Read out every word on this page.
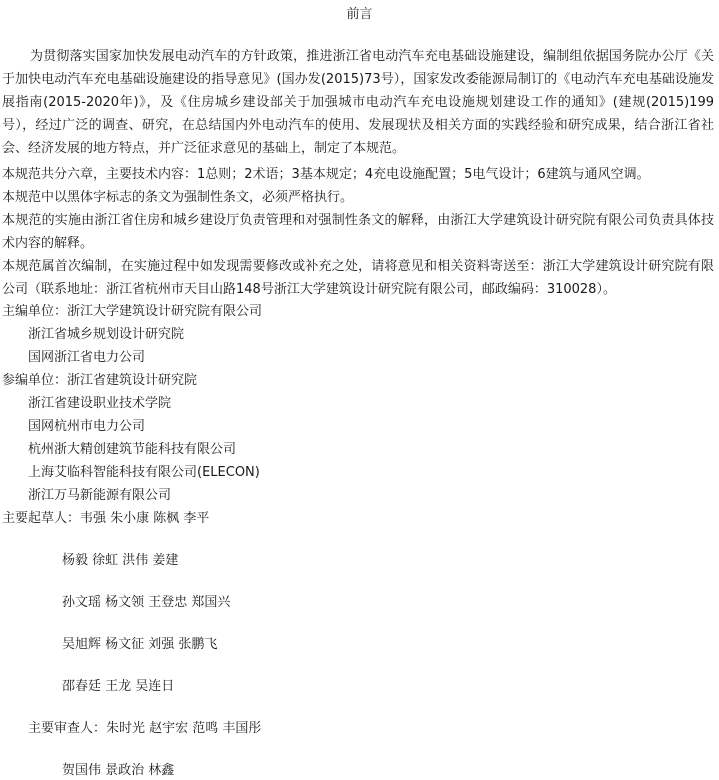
前言

为贯彻落实国家加快发展电动汽车的方针政策，推进浙江省电动汽车充电基础设施建设，编制组依据国务院办公厅《关于加快电动汽车充电基础设施建设的指导意见》(国办发(2015)73号），国家发改委能源局制订的《电动汽车充电基础设施发展指南(2015-2020年)》，及《住房城乡建设部关于加强城市电动汽车充电设施规划建设工作的通知》(建规(2015)199号），经过广泛的调查、研究，在总结国内外电动汽车的使用、发展现状及相关方面的实践经验和研究成果，结合浙江省社会、经济发展的地方特点，并广泛征求意见的基础上，制定了本规范。

本规范共分六章，主要技术内容：1总则；2术语；3基本规定；4充电设施配置；5电气设计；6建筑与通风空调。

本规范中以黑体字标志的条文为强制性条文，必须严格执行。

本规范的实施由浙江省住房和城乡建设厅负责管理和对强制性条文的解释，由浙江大学建筑设计研究院有限公司负责具体技术内容的解释。

本规范属首次编制，在实施过程中如发现需要修改或补充之处，请将意见和相关资料寄送至：浙江大学建筑设计研究院有限公司（联系地址：浙江省杭州市天目山路148号浙江大学建筑设计研究院有限公司，邮政编码：310028）。

主编单位：浙江大学建筑设计研究院有限公司
浙江省城乡规划设计研究院
国网浙江省电力公司
参编单位：浙江省建筑设计研究院
浙江省建设职业技术学院
国网杭州市电力公司
杭州浙大精创建筑节能科技有限公司
上海艾临科智能科技有限公司(ELECON)
浙江万马新能源有限公司
主要起草人：韦强 朱小康 陈枫 李平
杨毅 徐虹 洪伟 姜建
孙文瑶 杨文领 王登忠 郑国兴
吴旭辉 杨文征 刘强 张鹏飞
邵春廷 王龙 吴连日
主要审查人：朱时光 赵宇宏 范鸣 丰国彤
贺国伟 景政治 林鑫
